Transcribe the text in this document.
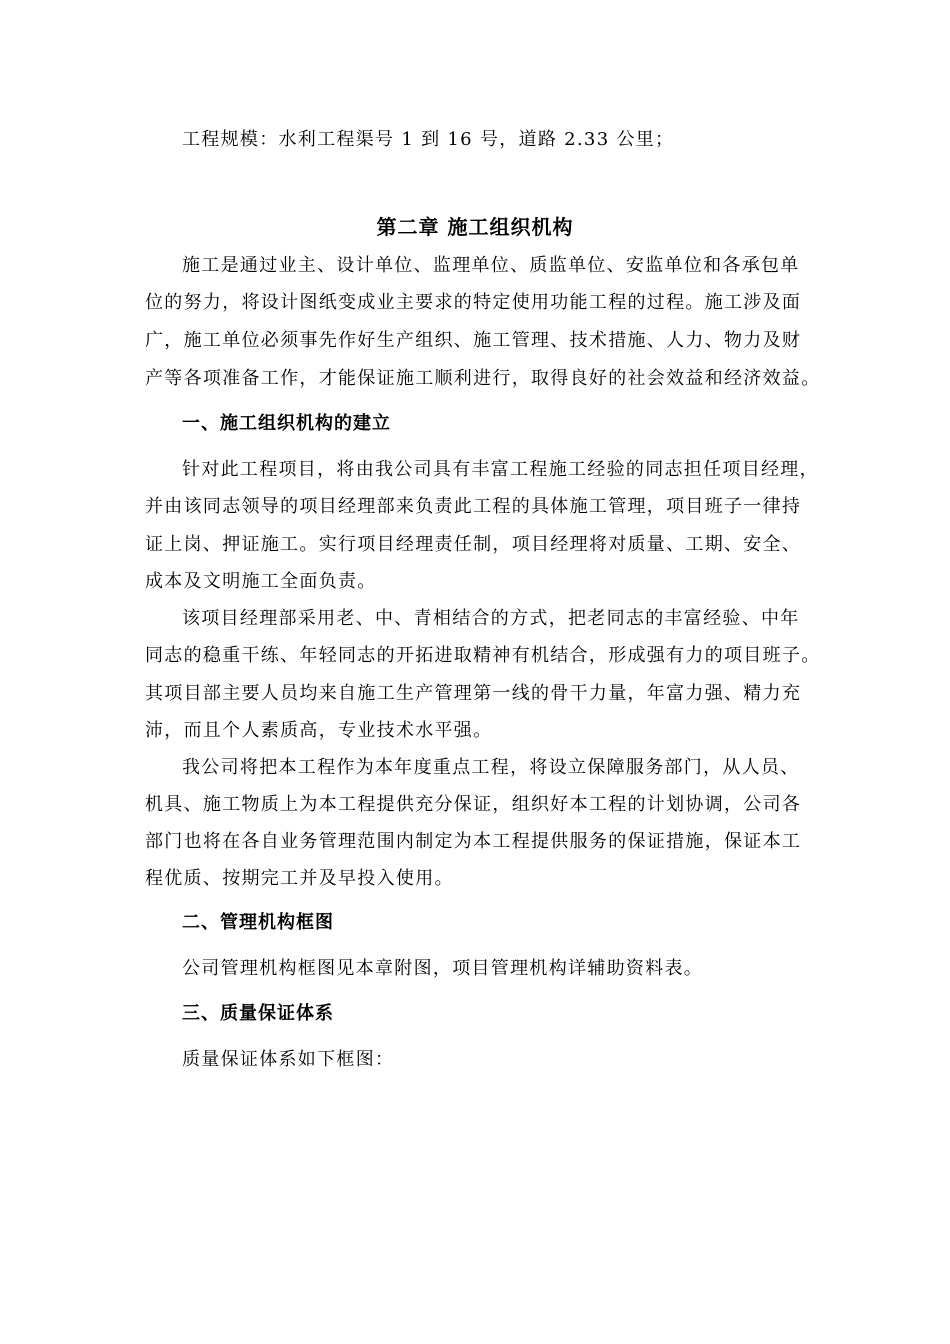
工程规模：水利工程渠号 1 到 16 号，道路 2.33 公里；
第二章 施工组织机构
施工是通过业主、设计单位、监理单位、质监单位、安监单位和各承包单
位的努力，将设计图纸变成业主要求的特定使用功能工程的过程。施工涉及面
广，施工单位必须事先作好生产组织、施工管理、技术措施、人力、物力及财
产等各项准备工作，才能保证施工顺利进行，取得良好的社会效益和经济效益。
一、施工组织机构的建立
针对此工程项目，将由我公司具有丰富工程施工经验的同志担任项目经理，
并由该同志领导的项目经理部来负责此工程的具体施工管理，项目班子一律持
证上岗、押证施工。实行项目经理责任制，项目经理将对质量、工期、安全、
成本及文明施工全面负责。
该项目经理部采用老、中、青相结合的方式，把老同志的丰富经验、中年
同志的稳重干练、年轻同志的开拓进取精神有机结合，形成强有力的项目班子。
其项目部主要人员均来自施工生产管理第一线的骨干力量，年富力强、精力充
沛，而且个人素质高，专业技术水平强。
我公司将把本工程作为本年度重点工程，将设立保障服务部门，从人员、
机具、施工物质上为本工程提供充分保证，组织好本工程的计划协调，公司各
部门也将在各自业务管理范围内制定为本工程提供服务的保证措施，保证本工
程优质、按期完工并及早投入使用。
二、管理机构框图
公司管理机构框图见本章附图，项目管理机构详辅助资料表。
三、质量保证体系
质量保证体系如下框图：
